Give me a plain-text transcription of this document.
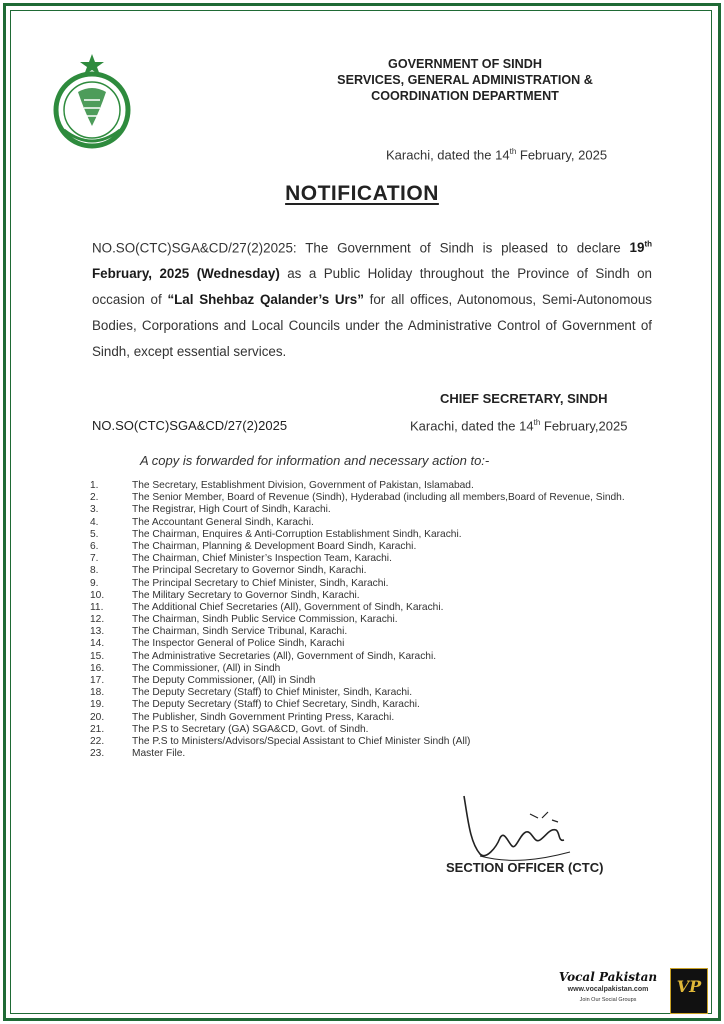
GOVERNMENT OF SINDH
SERVICES, GENERAL ADMINISTRATION &
COORDINATION DEPARTMENT
Karachi, dated the 14th February, 2025
NOTIFICATION
NO.SO(CTC)SGA&CD/27(2)2025: The Government of Sindh is pleased to declare 19th February, 2025 (Wednesday) as a Public Holiday throughout the Province of Sindh on occasion of “Lal Shehbaz Qalander’s Urs” for all offices, Autonomous, Semi-Autonomous Bodies, Corporations and Local Councils under the Administrative Control of Government of Sindh, except essential services.
CHIEF SECRETARY, SINDH
NO.SO(CTC)SGA&CD/27(2)2025	Karachi, dated the 14th February,2025
A copy is forwarded for information and necessary action to:-
1.	The Secretary, Establishment Division, Government of Pakistan, Islamabad.
2.	The Senior Member, Board of Revenue (Sindh), Hyderabad (including all members,Board of Revenue, Sindh.
3.	The Registrar, High Court of Sindh, Karachi.
4.	The Accountant General Sindh, Karachi.
5.	The Chairman, Enquires & Anti-Corruption Establishment Sindh, Karachi.
6.	The Chairman, Planning & Development Board Sindh, Karachi.
7.	The Chairman, Chief Minister’s Inspection Team, Karachi.
8.	The Principal Secretary to Governor Sindh, Karachi.
9.	The Principal Secretary to Chief Minister, Sindh, Karachi.
10.	The Military Secretary to Governor Sindh, Karachi.
11.	The Additional Chief Secretaries (All), Government of Sindh, Karachi.
12.	The Chairman, Sindh Public Service Commission, Karachi.
13.	The Chairman, Sindh Service Tribunal, Karachi.
14.	The Inspector General of Police Sindh, Karachi
15.	The Administrative Secretaries (All), Government of Sindh, Karachi.
16.	The Commissioner, (All) in Sindh
17.	The Deputy Commissioner, (All) in Sindh
18.	The Deputy Secretary (Staff) to Chief Minister, Sindh, Karachi.
19.	The Deputy Secretary (Staff) to Chief Secretary, Sindh, Karachi.
20.	The Publisher, Sindh Government Printing Press, Karachi.
21.	The P.S to Secretary (GA) SGA&CD, Govt. of Sindh.
22.	The P.S to Ministers/Advisors/Special Assistant to Chief Minister Sindh (All)
23.	Master File.
SECTION OFFICER (CTC)
Vocal Pakistan
www.vocalpakistan.com
Join Our Social Groups
VP
